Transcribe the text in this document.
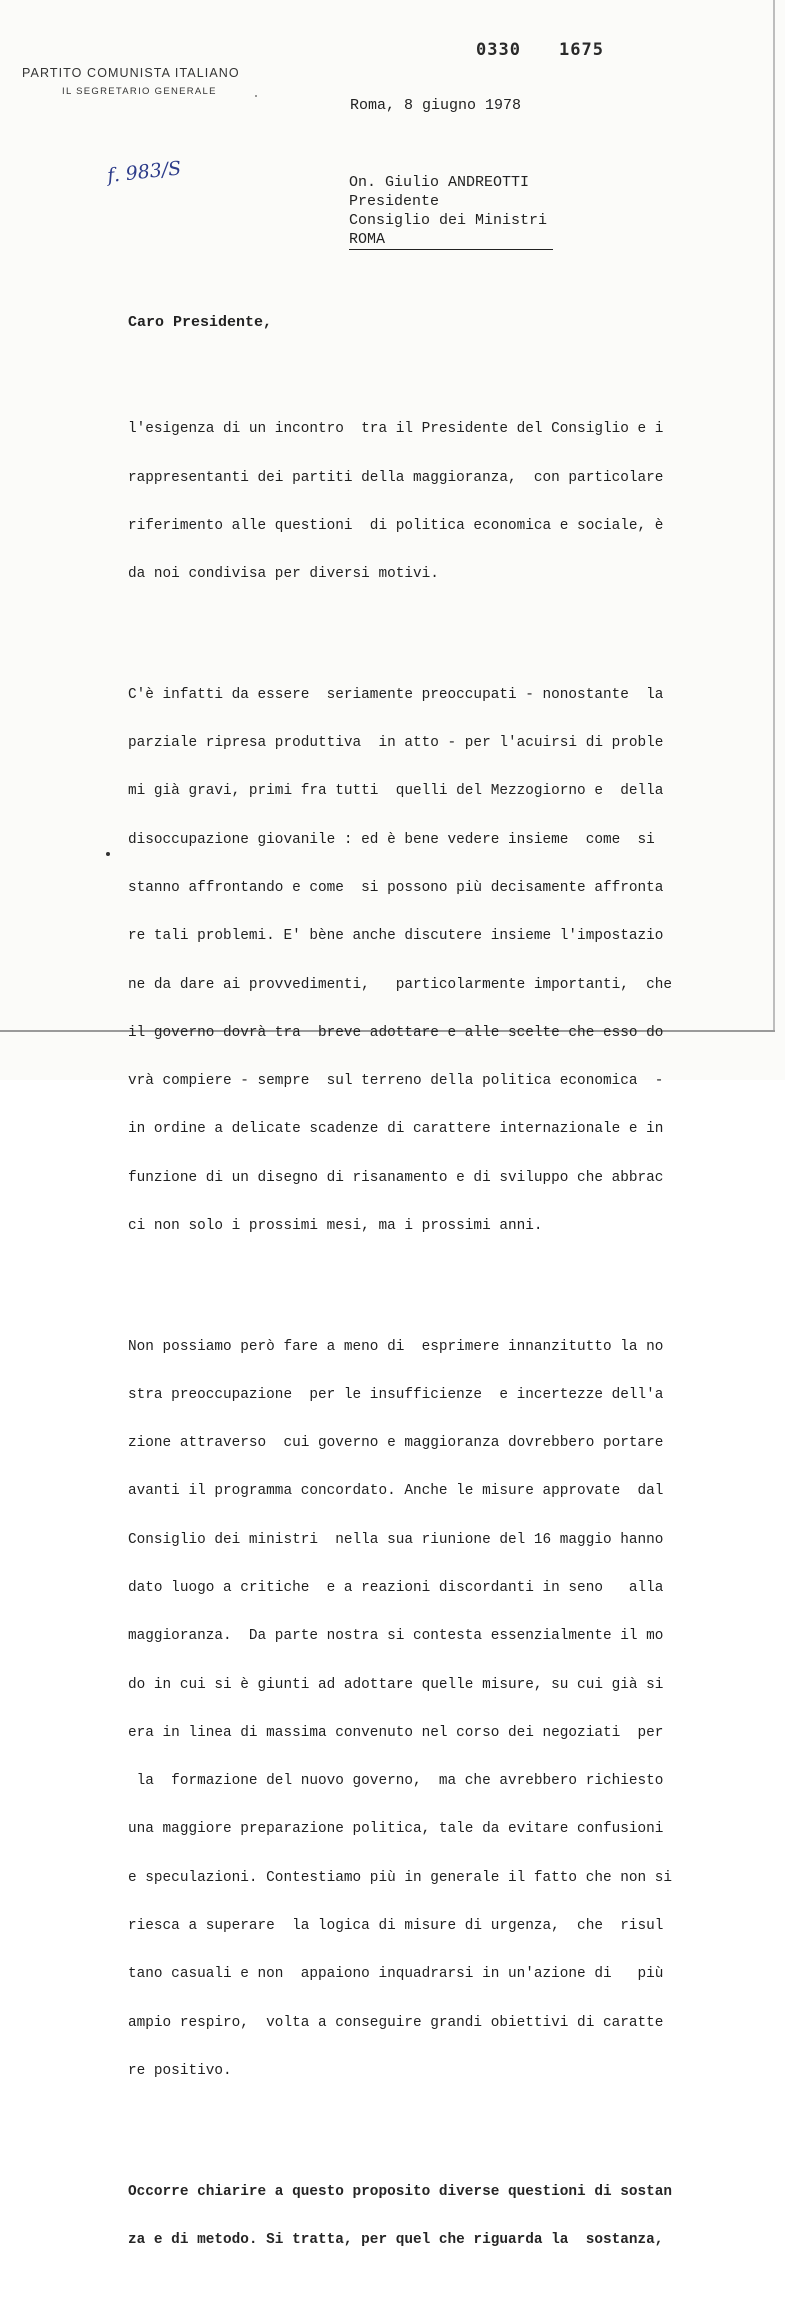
PARTITO COMUNISTA ITALIANO
IL SEGRETARIO GENERALE
0330 1675
f. 983/S
Roma, 8 giugno 1978
On. Giulio ANDREOTTI
Presidente
Consiglio dei Ministri
ROMA
Caro Presidente,

l'esigenza di un incontro  tra il Presidente del Consiglio e i

rappresentanti dei partiti della maggioranza,  con particolare

riferimento alle questioni  di politica economica e sociale, è

da noi condivisa per diversi motivi.

C'è infatti da essere  seriamente preoccupati - nonostante  la

parziale ripresa produttiva  in atto - per l'acuirsi di proble

mi già gravi, primi fra tutti  quelli del Mezzogiorno e  della

disoccupazione giovanile : ed è bene vedere insieme  come  si

stanno affrontando e come  si possono più decisamente affronta

re tali problemi. E' bène anche discutere insieme l'impostazio

ne da dare ai provvedimenti,   particolarmente importanti,  che

il governo dovrà tra  breve adottare e alle scelte che esso do

vrà compiere - sempre  sul terreno della politica economica  -

in ordine a delicate scadenze di carattere internazionale e in

funzione di un disegno di risanamento e di sviluppo che abbrac

ci non solo i prossimi mesi, ma i prossimi anni.

Non possiamo però fare a meno di  esprimere innanzitutto la no

stra preoccupazione  per le insufficienze  e incertezze dell'a

zione attraverso  cui governo e maggioranza dovrebbero portare

avanti il programma concordato. Anche le misure approvate  dal

Consiglio dei ministri  nella sua riunione del 16 maggio hanno

dato luogo a critiche  e a reazioni discordanti in seno   alla

maggioranza.  Da parte nostra si contesta essenzialmente il mo

do in cui si è giunti ad adottare quelle misure, su cui già si

era in linea di massima convenuto nel corso dei negoziati  per

la  formazione del nuovo governo,  ma che avrebbero richiesto

una maggiore preparazione politica, tale da evitare confusioni

e speculazioni. Contestiamo più in generale il fatto che non si

riesca a superare  la logica di misure di urgenza,  che  risul

tano casuali e non  appaiono inquadrarsi in un'azione di   più

ampio respiro,  volta a conseguire grandi obiettivi di caratte

re positivo.

Occorre chiarire a questo proposito diverse questioni di sostan

za e di metodo. Si tratta, per quel che riguarda la  sostanza,
